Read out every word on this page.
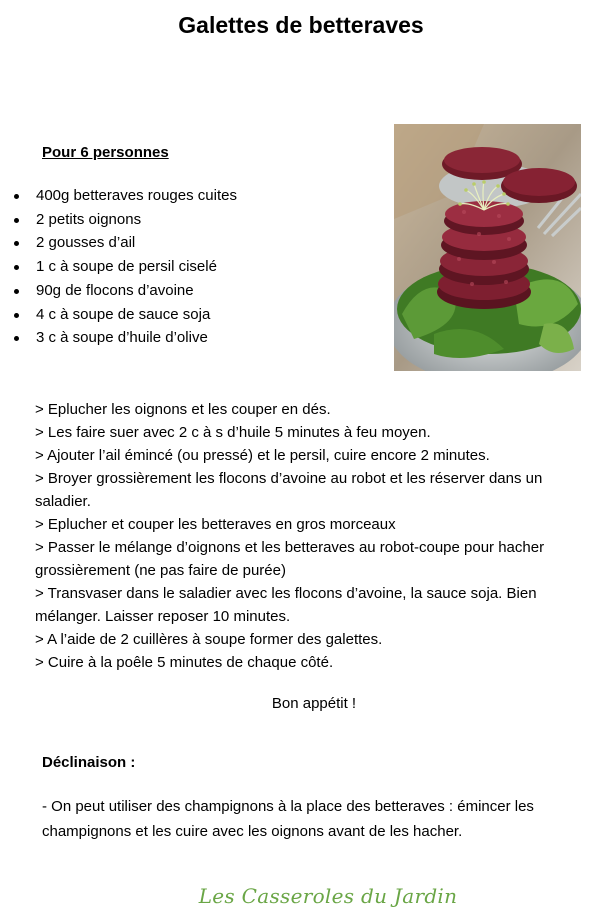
Galettes de betteraves
Pour 6 personnes
400g betteraves rouges cuites
2 petits oignons
2 gousses d’ail
1 c à soupe de persil ciselé
90g de flocons d’avoine
4 c à soupe de sauce soja
3 c à soupe d’huile d’olive

> Eplucher les oignons et les couper en dés.

> Les faire suer avec 2 c à s d’huile 5 minutes à feu moyen.

> Ajouter l’ail émincé (ou pressé) et le persil, cuire encore 2 minutes.

> Broyer grossièrement les flocons d’avoine au robot et les réserver dans un saladier.

> Eplucher et couper les betteraves en gros morceaux

> Passer le mélange d’oignons et les betteraves au robot-coupe pour hacher grossièrement (ne pas faire de purée)

> Transvaser dans le saladier avec les flocons d’avoine, la sauce soja. Bien mélanger. Laisser reposer 10 minutes.

> A l’aide de 2 cuillères à soupe former des galettes.

> Cuire à la poêle 5 minutes de chaque côté.

Bon appétit !
Déclinaison :
- On peut utiliser des champignons à la place des betteraves : émincer les champignons et les cuire avec les oignons avant de les hacher.
Les Casseroles du Jardin
